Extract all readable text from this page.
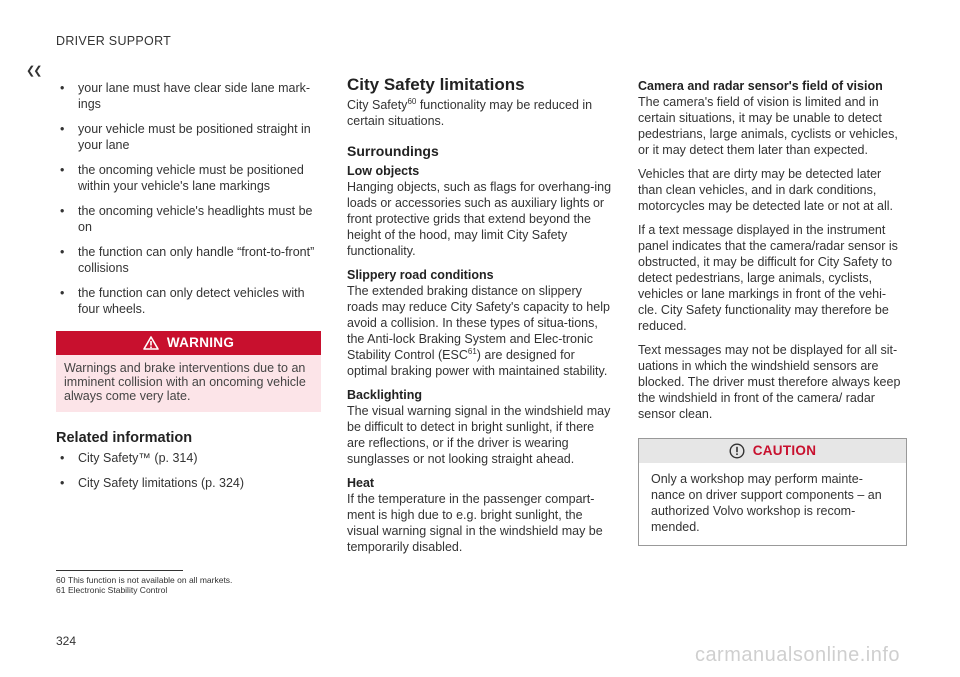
DRIVER SUPPORT
❮❮
• your lane must have clear side lane mark-ings
• your vehicle must be positioned straight in your lane
• the oncoming vehicle must be positioned within your vehicle's lane markings
• the oncoming vehicle's headlights must be on
• the function can only handle “front-to-front” collisions
• the function can only detect vehicles with four wheels.
WARNING
Warnings and brake interventions due to an imminent collision with an oncoming vehicle always come very late.
Related information
• City Safety™ (p. 314)
• City Safety limitations (p. 324)
City Safety limitations

City Safety$^{60}$ functionality may be reduced in certain situations.

Surroundings
Low objects

Hanging objects, such as flags for overhang-ing loads or accessories such as auxiliary lights or front protective grids that extend beyond the height of the hood, may limit City Safety functionality.

Slippery road conditions

The extended braking distance on slippery roads may reduce City Safety's capacity to help avoid a collision. In these types of situa-tions, the Anti-lock Braking System and Elec-tronic Stability Control (ESC$^{61}$) are designed for optimal braking power with maintained stability.

Backlighting

The visual warning signal in the windshield may be difficult to detect in bright sunlight, if there are reflections, or if the driver is wearing sunglasses or not looking straight ahead.

Heat

If the temperature in the passenger compart-ment is high due to e.g. bright sunlight, the visual warning signal in the windshield may be temporarily disabled.

Camera and radar sensor's field of vision

The camera's field of vision is limited and in certain situations, it may be unable to detect pedestrians, large animals, cyclists or vehicles, or it may detect them later than expected.

Vehicles that are dirty may be detected later than clean vehicles, and in dark conditions, motorcycles may be detected late or not at all.

If a text message displayed in the instrument panel indicates that the camera/radar sensor is obstructed, it may be difficult for City Safety to detect pedestrians, large animals, cyclists, vehicles or lane markings in front of the vehi-cle. City Safety functionality may therefore be reduced.

Text messages may not be displayed for all sit-uations in which the windshield sensors are blocked. The driver must therefore always keep the windshield in front of the camera/ radar sensor clean.

CAUTION
Only a workshop may perform mainte-nance on driver support components – an authorized Volvo workshop is recom-mended.
60 This function is not available on all markets.
61 Electronic Stability Control
324
carmanualsonline.info
